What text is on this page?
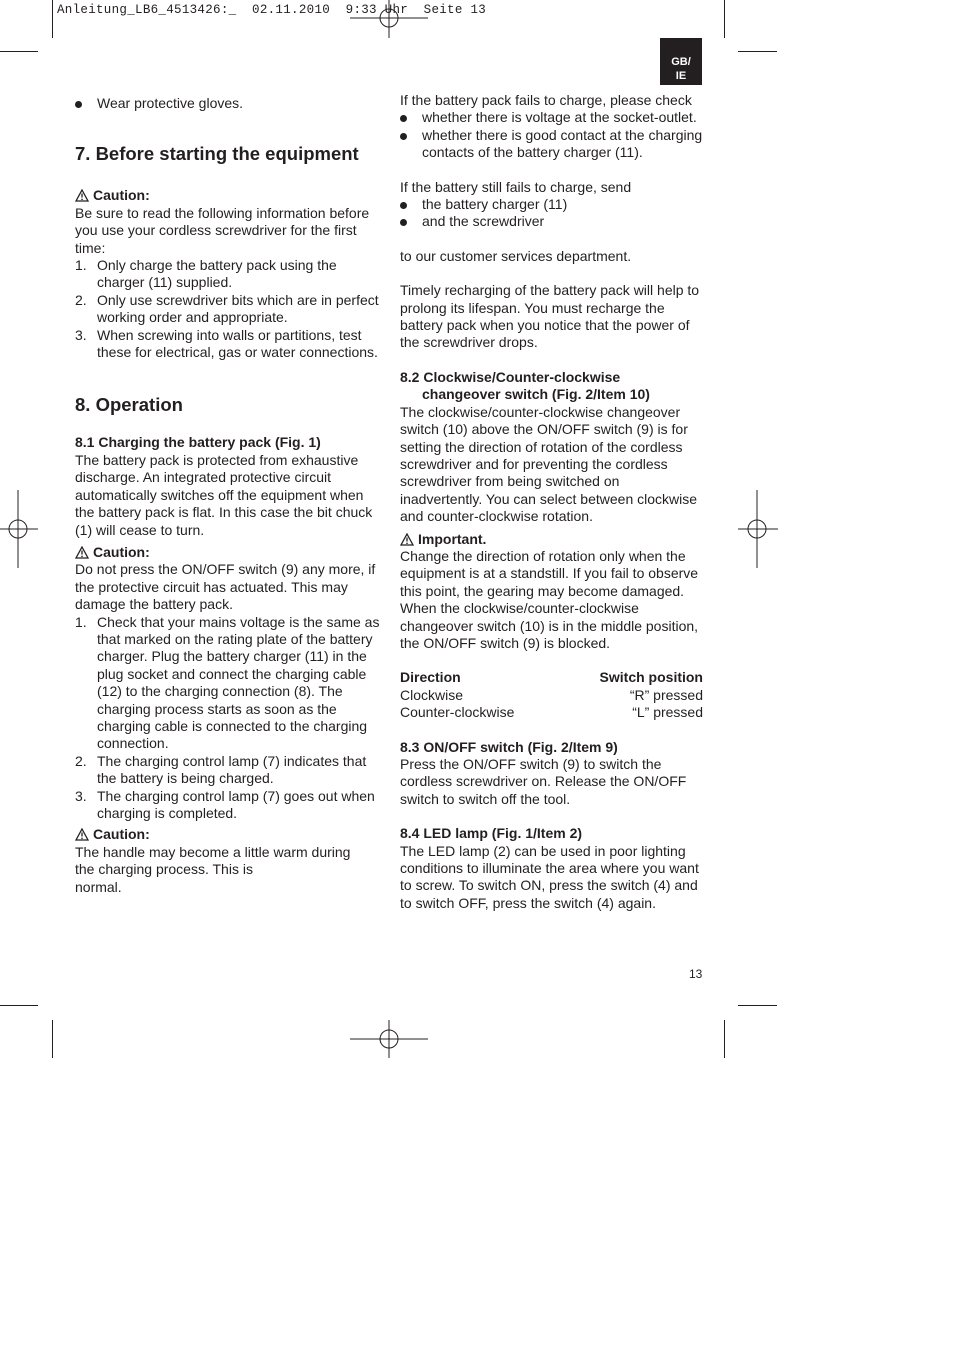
Anleitung_LB6_4513426:_  02.11.2010  9:33 Uhr  Seite 13
GB/
IE
Wear protective gloves.

7. Before starting the equipment

Caution:

Be sure to read the following information before you use your cordless screwdriver for the first time:

1. Only charge the battery pack using the charger (11) supplied.
2. Only use screwdriver bits which are in perfect working order and appropriate.
3. When screwing into walls or partitions, test these for electrical, gas or water connections.

8. Operation

8.1 Charging the battery pack (Fig. 1)

The battery pack is protected from exhaustive discharge. An integrated protective circuit automatically switches off the equipment when the battery pack is flat. In this case the bit chuck (1) will cease to turn.

Caution:

Do not press the ON/OFF switch (9) any more, if the protective circuit has actuated. This may damage the battery pack.

1. Check that your mains voltage is the same as that marked on the rating plate of the battery charger. Plug the battery charger (11) in the plug socket and connect the charging cable (12) to the charging connection (8). The charging process starts as soon as the charging cable is connected to the charging connection.
2. The charging control lamp (7) indicates that the battery is being charged.
3. The charging control lamp (7) goes out when charging is completed.

Caution:

The handle may become a little warm during the charging process. This is

normal.

If the battery pack fails to charge, please check

whether there is voltage at the socket-outlet.
whether there is good contact at the charging contacts of the battery charger (11).

If the battery still fails to charge, send

the battery charger (11)
and the screwdriver

to our customer services department.

Timely recharging of the battery pack will help to prolong its lifespan. You must recharge the battery pack when you notice that the power of the screwdriver drops.

8.2 Clockwise/Counter-clockwise

changeover switch (Fig. 2/Item 10)

The clockwise/counter-clockwise changeover switch (10) above the ON/OFF switch (9) is for setting the direction of rotation of the cordless screwdriver and for preventing the cordless screwdriver from being switched on inadvertently. You can select between clockwise and counter-clockwise rotation.

Important.

Change the direction of rotation only when the equipment is at a standstill. If you fail to observe this point, the gearing may become damaged. When the clockwise/counter-clockwise changeover switch (10) is in the middle position, the ON/OFF switch (9) is blocked.

Direction	Switch position
Clockwise	“R” pressed
Counter-clockwise	“L” pressed

8.3 ON/OFF switch (Fig. 2/Item 9)

Press the ON/OFF switch (9) to switch the cordless screwdriver on. Release the ON/OFF switch to switch off the tool.

8.4 LED lamp (Fig. 1/Item 2)

The LED lamp (2) can be used in poor lighting conditions to illuminate the area where you want to screw. To switch ON, press the switch (4) and to switch OFF, press the switch (4) again.

13
